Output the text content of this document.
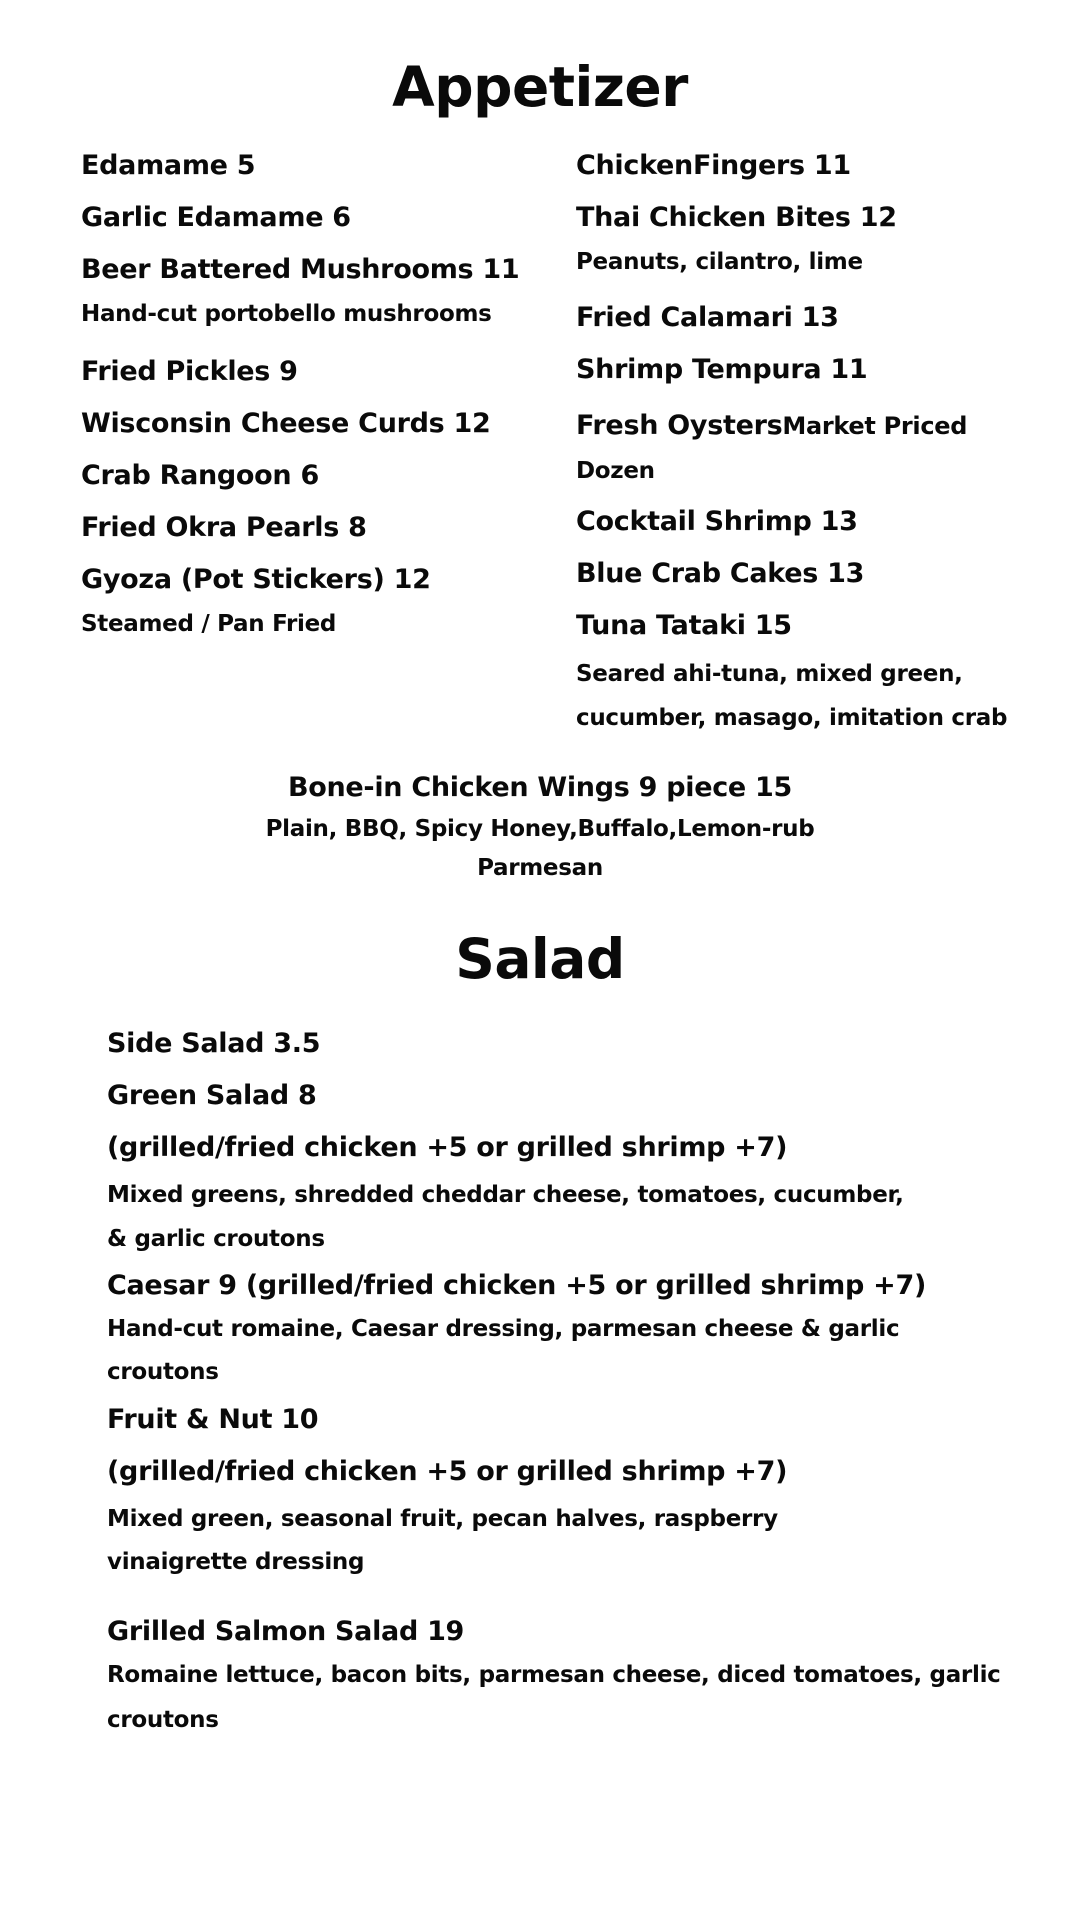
Appetizer
Edamame 5
Garlic Edamame 6
Beer Battered Mushrooms 11
Hand-cut portobello mushrooms
Fried Pickles 9
Wisconsin Cheese Curds 12
Crab Rangoon 6
Fried Okra Pearls 8
Gyoza (Pot Stickers) 12
Steamed / Pan Fried
ChickenFingers 11
Thai Chicken Bites 12
Peanuts, cilantro, lime
Fried Calamari 13
Shrimp Tempura 11
Fresh OystersMarket Priced
Dozen
Cocktail Shrimp 13
Blue Crab Cakes 13
Tuna Tataki 15
Seared ahi-tuna, mixed green,
cucumber, masago, imitation crab
Bone-in Chicken Wings 9 piece 15
Plain, BBQ, Spicy Honey,Buffalo,Lemon-rub
Parmesan
Salad
Side Salad 3.5
Green Salad 8
(grilled/fried chicken +5 or grilled shrimp +7)
Mixed greens, shredded cheddar cheese, tomatoes, cucumber,
& garlic croutons
Caesar 9 (grilled/fried chicken +5 or grilled shrimp +7)
Hand-cut romaine, Caesar dressing, parmesan cheese & garlic
croutons
Fruit & Nut 10
(grilled/fried chicken +5 or grilled shrimp +7)
Mixed green, seasonal fruit, pecan halves, raspberry
vinaigrette dressing
Grilled Salmon Salad 19
Romaine lettuce, bacon bits, parmesan cheese, diced tomatoes, garlic
croutons
